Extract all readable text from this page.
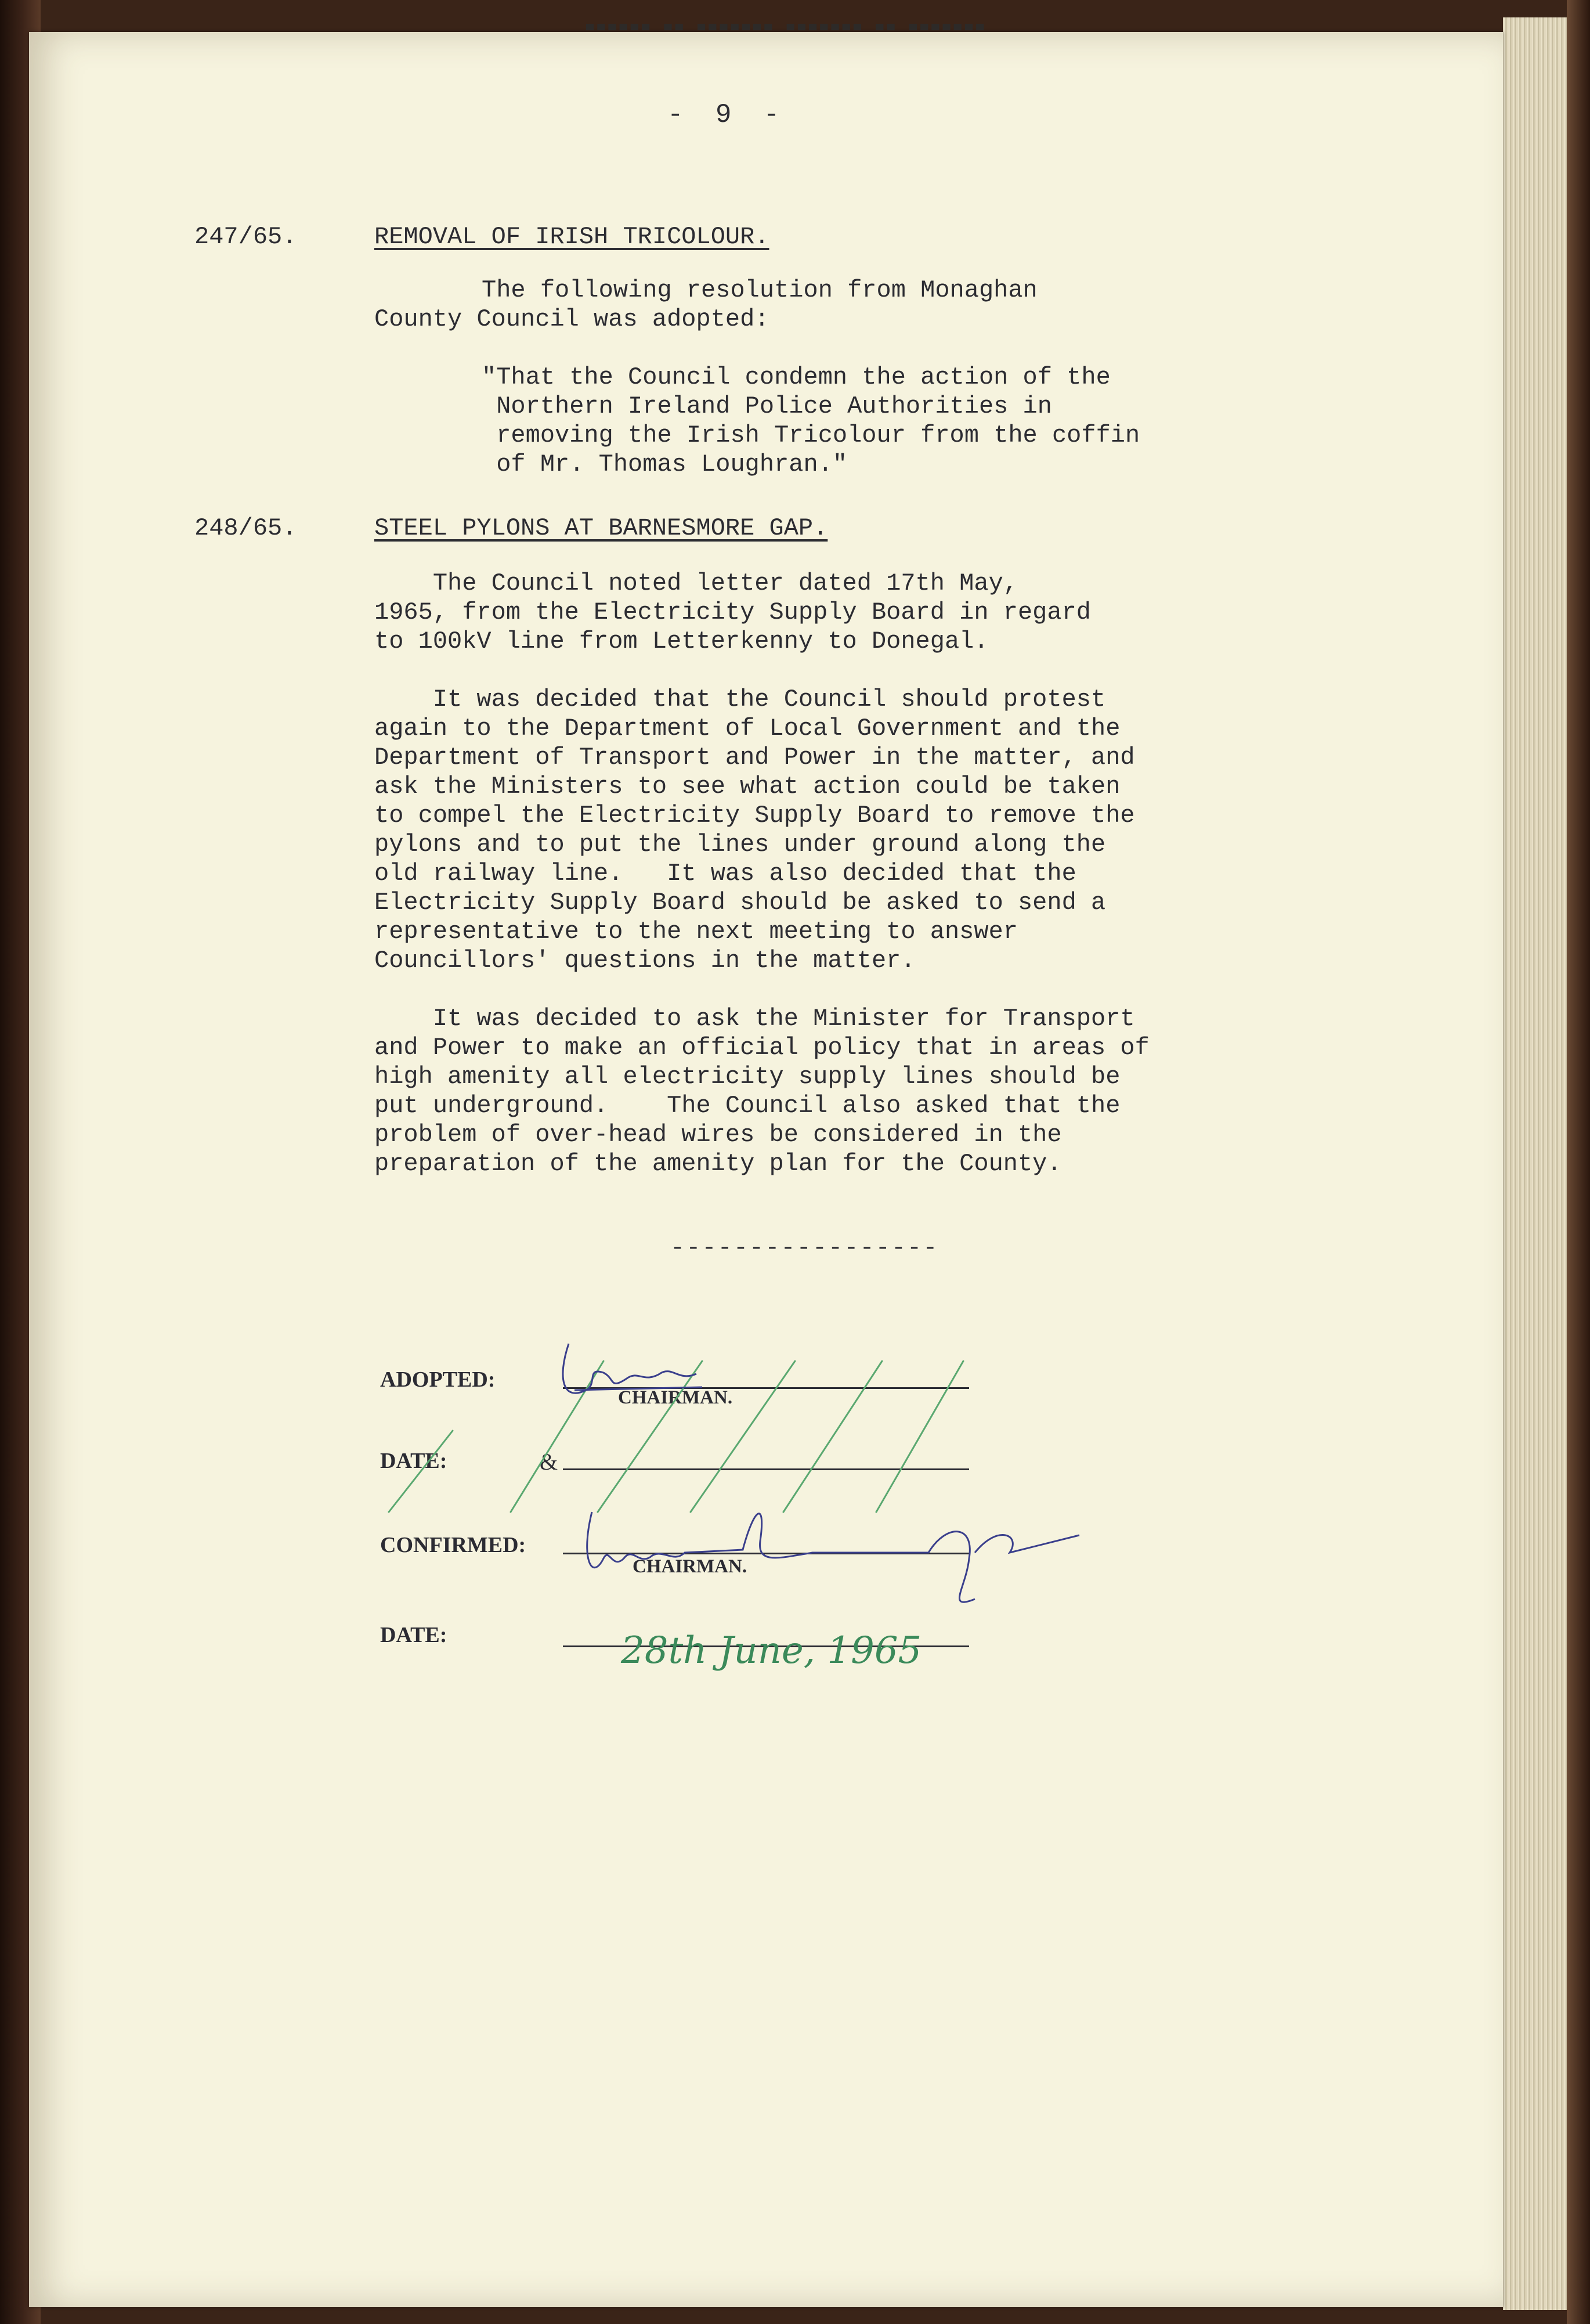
▀▀▀▀▀▀ ▀▀ ▀▀▀▀▀▀▀ ▀▀▀▀▀▀▀ ▀▀ ▀▀▀▀▀▀▀
-  9  -
247/65.	REMOVAL OF IRISH TRICOLOUR.
The following resolution from Monaghan
County Council was adopted:
"That the Council condemn the action of the
Northern Ireland Police Authorities in
removing the Irish Tricolour from the coffin
of Mr. Thomas Loughran."
248/65.	STEEL PYLONS AT BARNESMORE GAP.
The Council noted letter dated 17th May,
1965, from the Electricity Supply Board in regard
to 100kV line from Letterkenny to Donegal.
It was decided that the Council should protest
again to the Department of Local Government and the
Department of Transport and Power in the matter, and
ask the Ministers to see what action could be taken
to compel the Electricity Supply Board to remove the
pylons and to put the lines under ground along the
old railway line.   It was also decided that the
Electricity Supply Board should be asked to send a
representative to the next meeting to answer
Councillors' questions in the matter.
It was decided to ask the Minister for Transport
and Power to make an official policy that in areas of
high amenity all electricity supply lines should be
put underground.    The Council also asked that the
problem of over-head wires be considered in the
preparation of the amenity plan for the County.
-----------------
ADOPTED:
CHAIRMAN.
DATE:	&
CONFIRMED:
CHAIRMAN.
DATE:	28th June, 1965
